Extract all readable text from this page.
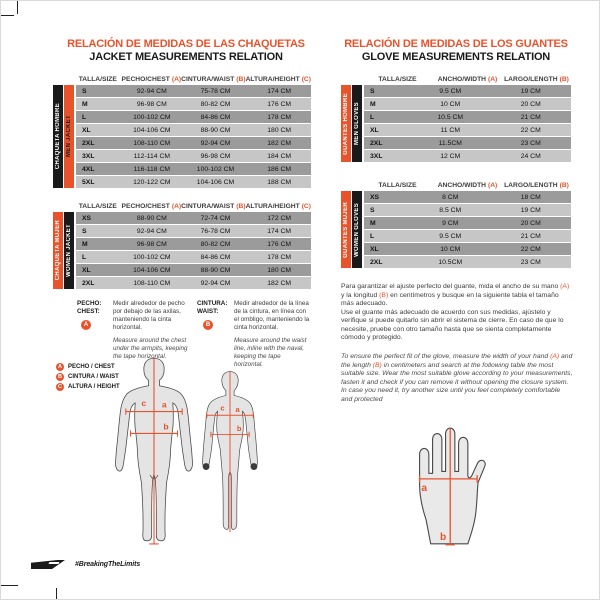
RELACIÓN DE MEDIDAS DE LAS CHAQUETAS
JACKET MEASUREMENTS RELATION
TALLA/SIZE PECHO/CHEST (A) CINTURA/WAIST (B) ALTURA/HEIGHT (C)
CHAQUETA HOMBRE MEN JACKET
S	92-94 CM	75-78 CM	174 CM
M	96-98 CM	80-82 CM	176 CM
L	100-102 CM	84-86 CM	178 CM
XL	104-106 CM	88-90 CM	180 CM
2XL	108-110 CM	92-94 CM	182 CM
3XL	112-114 CM	96-98 CM	184 CM
4XL	116-118 CM	100-102 CM	186 CM
5XL	120-122 CM	104-106 CM	188 CM
TALLA/SIZE PECHO/CHEST (A) CINTURA/WAIST (B) ALTURA/HEIGHT (C)
CHAQUETA MUJER WOMEN JACKET
XS	88-90 CM	72-74 CM	172 CM
S	92-94 CM	76-78 CM	174 CM
M	96-98 CM	80-82 CM	176 CM
L	100-102 CM	84-86 CM	178 CM
XL	104-106 CM	88-90 CM	180 CM
2XL	108-110 CM	92-94 CM	182 CM
PECHO:
CHEST:
A
Medir alrededor de pecho por debajo de las axilas, manteniendo la cinta horizontal.
Measure around the chest under the armpits, keeping the tape horizontal.
CINTURA:
WAIST:
B
Medir alrededor de la línea de la cintura, en línea con el ombligo, manteniendo la cinta horizontal.
Measure around the waist line, inline with the naval, keeping the tape horizontal.
A	PECHO / CHEST
B	CINTURA / WAIST
C	ALTURA / HEIGHT
c a
b
c a
b
RELACIÓN DE MEDIDAS DE LOS GUANTES
GLOVE MEASUREMENTS RELATION
TALLA/SIZE	ANCHO/WIDTH (A) LARGO/LENGTH (B)
GUANTES HOMBRE MEN GLOVES
S	9.5 CM	19 CM
M	10 CM	20 CM
L	10.5 CM	21 CM
XL	11 CM	22 CM
2XL	11.5CM	23 CM
3XL	12 CM	24 CM
TALLA/SIZE	ANCHO/WIDTH (A) LARGO/LENGTH (B)
GUANTES MUJER WOMEN GLOVES
XS	8 CM	18 CM
S	8.5 CM	19 CM
M	9 CM	20 CM
L	9.5 CM	21 CM
XL	10 CM	22 CM
2XL	10.5CM	23 CM
Para garantizar el ajuste perfecto del guante, mida el ancho de su mano (A) y la longitud (B) en centímetros y busque en la siguiente tabla el tamaño más adecuado.
Use el guante más adecuado de acuerdo con sus medidas, ajústelo y verifique si puede quitarlo sin abrir el sistema de cierre. En caso de que lo necesite, pruebe con otro tamaño hasta que se sienta completamente cómodo y protegido.
To ensure the perfect fit of the glove, measure the width of your hand (A) and the length (B) in centimeters and search at the following table the most suitable size. Wear the most suitable glove according to your measurements, fasten it and check if you can remove it without opening the closure system.
In case you need it, try another size until you feel completely comfortable and protected
a
b
#BreakingTheLimits
